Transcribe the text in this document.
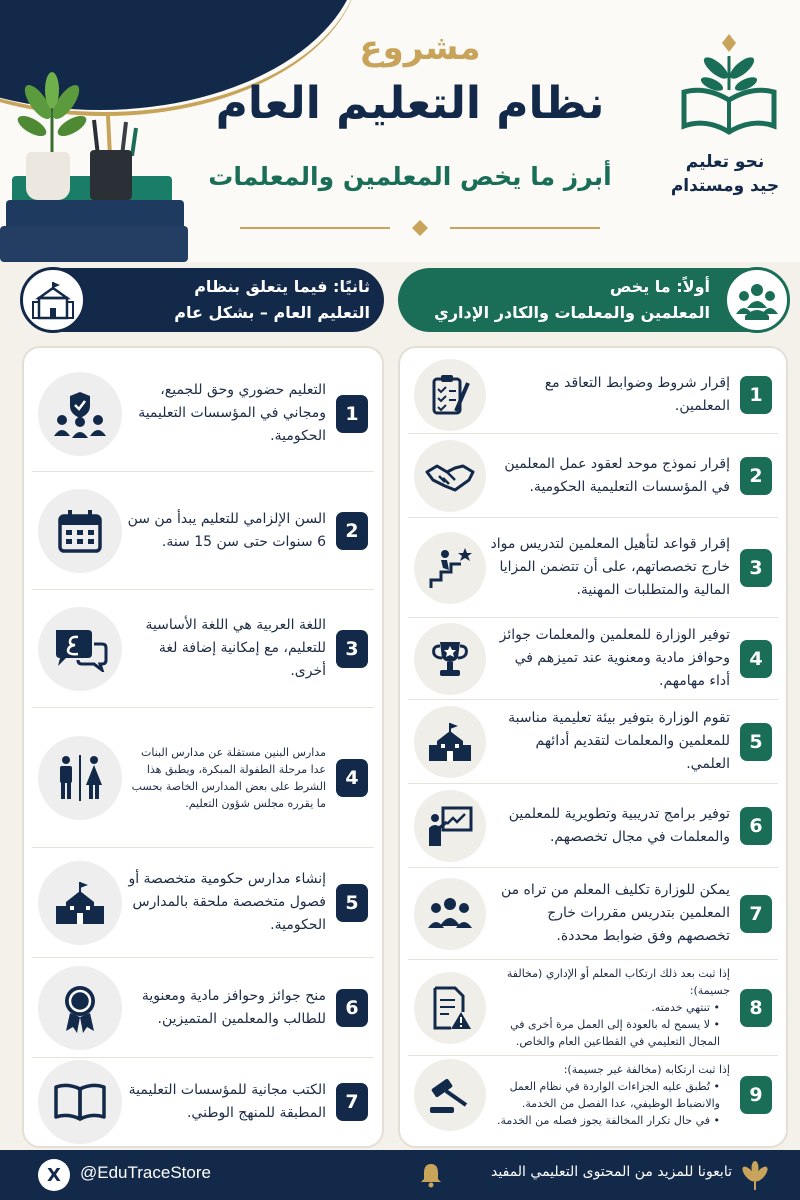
مشروع
نظام التعليم العام
أبرز ما يخص المعلمين والمعلمات	نحو تعليم
جيد ومستدام
أولاً: ما يخص
المعلمين والمعلمات والكادر الإداري
1
إقرار شروط وضوابط التعاقد مع المعلمين.
2
إقرار نموذج موحد لعقود عمل المعلمين في المؤسسات التعليمية الحكومية.
3
إقرار قواعد لتأهيل المعلمين لتدريس مواد خارج تخصصاتهم، على أن تتضمن المزايا المالية والمتطلبات المهنية.
4
توفير الوزارة للمعلمين والمعلمات جوائز وحوافز مادية ومعنوية عند تميزهم في أداء مهامهم.
5
تقوم الوزارة بتوفير بيئة تعليمية مناسبة للمعلمين والمعلمات لتقديم أدائهم العلمي.
6
توفير برامج تدريبية وتطويرية للمعلمين والمعلمات في مجال تخصصهم.
7
يمكن للوزارة تكليف المعلم من تراه من المعلمين بتدريس مقررات خارج تخصصهم وفق ضوابط محددة.
8
إذا ثبت بعد ذلك ارتكاب المعلم أو الإداري (مخالفة جسيمة):
• تنتهي خدمته.
• لا يسمح له بالعودة إلى العمل مرة أخرى في المجال التعليمي في القطاعين العام والخاص.
9
إذا ثبت ارتكابه (مخالفة غير جسيمة):
• تُطبق عليه الجزاءات الواردة في نظام العمل والانضباط الوظيفي، عدا الفصل من الخدمة.
• في حال تكرار المخالفة يجوز فصله من الخدمة.
ثانيًا: فيما يتعلق بنظام
التعليم العام – بشكل عام
1
التعليم حضوري وحق للجميع، ومجاني في المؤسسات التعليمية الحكومية.
2
السن الإلزامي للتعليم يبدأ من سن 6 سنوات حتى سن 15 سنة.
3
اللغة العربية هي اللغة الأساسية للتعليم، مع إمكانية إضافة لغة أخرى.
4
مدارس البنين مستقلة عن مدارس البنات عدا مرحلة الطفولة المبكرة، ويطبق هذا الشرط على بعض المدارس الخاصة بحسب ما يقرره مجلس شؤون التعليم.
5
إنشاء مدارس حكومية متخصصة أو فصول متخصصة ملحقة بالمدارس الحكومية.
6
منح جوائز وحوافز مادية ومعنوية للطالب والمعلمين المتميزين.
7
الكتب مجانية للمؤسسات التعليمية المطبقة للمنهج الوطني.
X	@EduTraceStore	تابعونا للمزيد من المحتوى التعليمي المفيد
